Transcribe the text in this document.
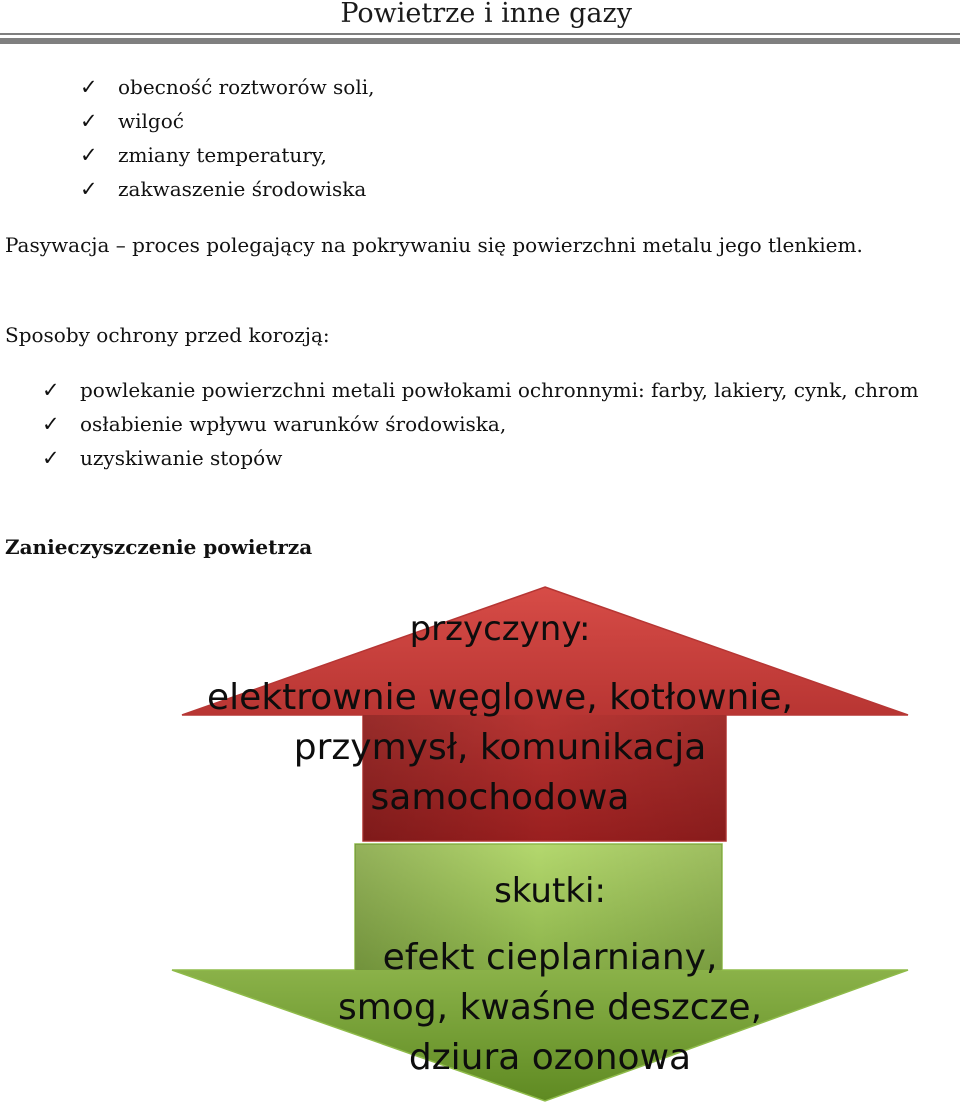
Powietrze i inne gazy
✓ obecność roztworów soli,
✓ wilgoć
✓ zmiany temperatury,
✓ zakwaszenie środowiska

Pasywacja – proces polegający na pokrywaniu się powierzchni metalu jego tlenkiem.

Sposoby ochrony przed korozją:

✓ powlekanie powierzchni metali powłokami ochronnymi: farby, lakiery, cynk, chrom
✓ osłabienie wpływu warunków środowiska,
✓ uzyskiwanie stopów
Zanieczyszczenie powietrza
przyczyny:
elektrownie węglowe, kotłownie,
przymysł, komunikacja
samochodowa
skutki:
efekt cieplarniany,
smog, kwaśne deszcze,
dziura ozonowa
